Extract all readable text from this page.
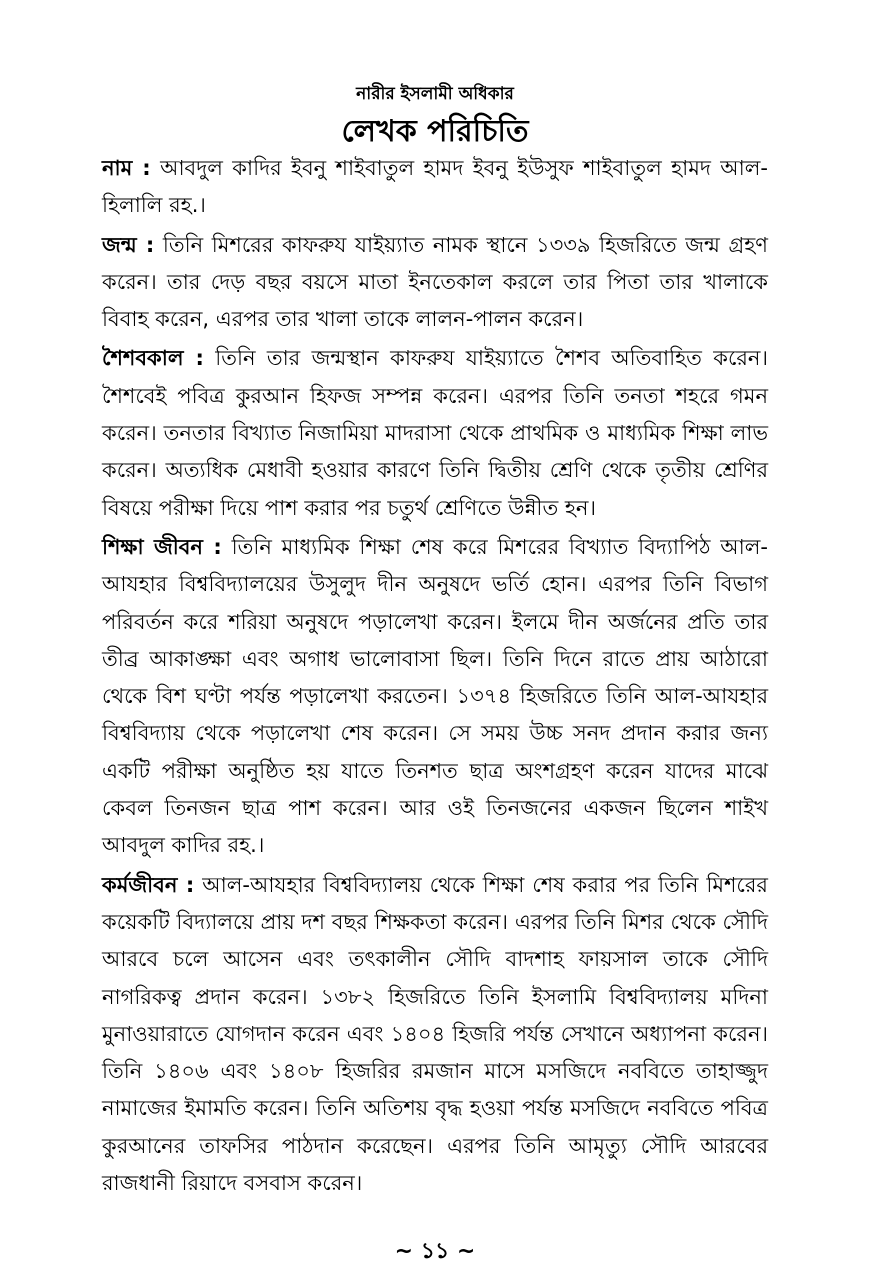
নারীর ইসলামী অধিকার
লেখক পরিচিতি

নাম : আবদুল কাদির ইবনু শাইবাতুল হামদ ইবনু ইউসুফ শাইবাতুল হামদ আল-হিলালি রহ.।

জন্ম : তিনি মিশরের কাফরুয যাইয়্যাত নামক স্থানে ১৩৩৯ হিজরিতে জন্ম গ্রহণ করেন। তার দেড় বছর বয়সে মাতা ইনতেকাল করলে তার পিতা তার খালাকে বিবাহ করেন, এরপর তার খালা তাকে লালন-পালন করেন।

শৈশবকাল : তিনি তার জন্মস্থান কাফরুয যাইয়্যাতে শৈশব অতিবাহিত করেন। শৈশবেই পবিত্র কুরআন হিফজ সম্পন্ন করেন। এরপর তিনি তনতা শহরে গমন করেন। তনতার বিখ্যাত নিজামিয়া মাদরাসা থেকে প্রাথমিক ও মাধ্যমিক শিক্ষা লাভ করেন। অত্যধিক মেধাবী হওয়ার কারণে তিনি দ্বিতীয় শ্রেণি থেকে তৃতীয় শ্রেণির বিষয়ে পরীক্ষা দিয়ে পাশ করার পর চতুর্থ শ্রেণিতে উন্নীত হন।

শিক্ষা জীবন : তিনি মাধ্যমিক শিক্ষা শেষ করে মিশরের বিখ্যাত বিদ্যাপিঠ আল-আযহার বিশ্ববিদ্যালয়ের উসুলুদ দীন অনুষদে ভর্তি হোন। এরপর তিনি বিভাগ পরিবর্তন করে শরিয়া অনুষদে পড়ালেখা করেন। ইলমে দীন অর্জনের প্রতি তার তীব্র আকাঙ্ক্ষা এবং অগাধ ভালোবাসা ছিল। তিনি দিনে রাতে প্রায় আঠারো থেকে বিশ ঘণ্টা পর্যন্ত পড়ালেখা করতেন। ১৩৭৪ হিজরিতে তিনি আল-আযহার বিশ্ববিদ্যায় থেকে পড়ালেখা শেষ করেন। সে সময় উচ্চ সনদ প্রদান করার জন্য একটি পরীক্ষা অনুষ্ঠিত হয় যাতে তিনশত ছাত্র অংশগ্রহণ করেন যাদের মাঝে কেবল তিনজন ছাত্র পাশ করেন। আর ওই তিনজনের একজন ছিলেন শাইখ আবদুল কাদির রহ.।

কর্মজীবন : আল-আযহার বিশ্ববিদ্যালয় থেকে শিক্ষা শেষ করার পর তিনি মিশরের কয়েকটি বিদ্যালয়ে প্রায় দশ বছর শিক্ষকতা করেন। এরপর তিনি মিশর থেকে সৌদি আরবে চলে আসেন এবং তৎকালীন সৌদি বাদশাহ ফায়সাল তাকে সৌদি নাগরিকত্ব প্রদান করেন। ১৩৮২ হিজরিতে তিনি ইসলামি বিশ্ববিদ্যালয় মদিনা মুনাওয়ারাতে যোগদান করেন এবং ১৪০৪ হিজরি পর্যন্ত সেখানে অধ্যাপনা করেন। তিনি ১৪০৬ এবং ১৪০৮ হিজরির রমজান মাসে মসজিদে নববিতে তাহাজ্জুদ নামাজের ইমামতি করেন। তিনি অতিশয় বৃদ্ধ হওয়া পর্যন্ত মসজিদে নববিতে পবিত্র কুরআনের তাফসির পাঠদান করেছেন। এরপর তিনি আমৃত্যু সৌদি আরবের রাজধানী রিয়াদে বসবাস করেন।

~ ১১ ~
